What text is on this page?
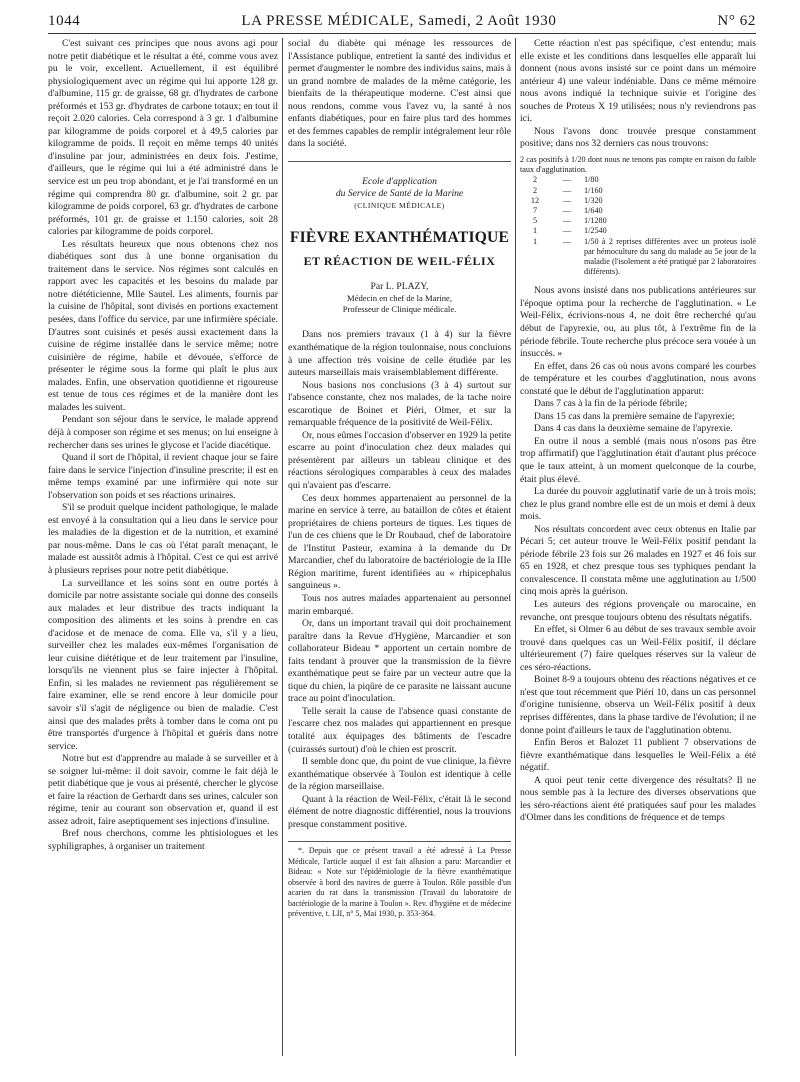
1044	LA PRESSE MÉDICALE, Samedi, 2 Août 1930	N° 62

C'est suivant ces principes que nous avons agi pour notre petit diabétique et le résultat a été, comme vous avez pu le voir, excellent. Actuellement, il est équilibré physiologiquement avec un régime qui lui apporte 128 gr. d'albumine, 115 gr. de graisse, 68 gr. d'hydrates de carbone préformés et 153 gr. d'hydrates de carbone totaux; en tout il reçoit 2.020 calories. Cela correspond à 3 gr. 1 d'albumine par kilogramme de poids corporel et à 49,5 calories par kilogramme de poids. Il reçoit en même temps 40 unités d'insuline par jour, administrées en deux fois. J'estime, d'ailleurs, que le régime qui lui a été administré dans le service est un peu trop abondant, et je l'ai transformé en un régime qui comprendra 80 gr. d'albumine, soit 2 gr. par kilogramme de poids corporel, 63 gr. d'hydrates de carbone préformés, 101 gr. de graisse et 1.150 calories, soit 28 calories par kilogramme de poids corporel.

Les résultats heureux que nous obtenons chez nos diabétiques sont dus à une bonne organisation du traitement dans le service. Nos régimes sont calculés en rapport avec les capacités et les besoins du malade par notre diététicienne, Mlle Sautel. Les aliments, fournis par la cuisine de l'hôpital, sont divisés en portions exactement pesées, dans l'office du service, par une infirmière spéciale. D'autres sont cuisinés et pesés aussi exactement dans la cuisine de régime installée dans le service même; notre cuisinière de régime, habile et dévouée, s'efforce de présenter le régime sous la forme qui plaît le plus aux malades. Enfin, une observation quotidienne et rigoureuse est tenue de tous ces régimes et de la manière dont les malades les suivent.

Pendant son séjour dans le service, le malade apprend déjà à composer son régime et ses menus; on lui enseigne à rechercher dans ses urines le glycose et l'acide diacétique.

Quand il sort de l'hôpital, il revient chaque jour se faire faire dans le service l'injection d'insuline prescrite; il est en même temps examiné par une infirmière qui note sur l'observation son poids et ses réactions urinaires.

S'il se produit quelque incident pathologique, le malade est envoyé à la consultation qui a lieu dans le service pour les maladies de la digestion et de la nutrition, et examiné par nous-même. Dans le cas où l'état paraît menaçant, le malade est aussitôt admis à l'hôpital. C'est ce qui est arrivé à plusieurs reprises pour notre petit diabétique.

La surveillance et les soins sont en outre portés à domicile par notre assistante sociale qui donne des conseils aux malades et leur distribue des tracts indiquant la composition des aliments et les soins à prendre en cas d'acidose et de menace de coma. Elle va, s'il y a lieu, surveiller chez les malades eux-mêmes l'organisation de leur cuisine diététique et de leur traitement par l'insuline, lorsqu'ils ne viennent plus se faire injecter à l'hôpital. Enfin, si les malades ne reviennent pas régulièrement se faire examiner, elle se rend encore à leur domicile pour savoir s'il s'agit de négligence ou bien de maladie. C'est ainsi que des malades prêts à tomber dans le coma ont pu être transportés d'urgence à l'hôpital et guéris dans notre service.

Notre but est d'apprendre au malade à se surveiller et à se soigner lui-même: il doit savoir, comme le fait déjà le petit diabétique que je vous ai présenté, chercher le glycose et faire la réaction de Gerhardt dans ses urines, calculer son régime, tenir au courant son observation et, quand il est assez adroit, faire aseptiquement ses injections d'insuline.

Bref nous cherchons, comme les phtisiologues et les syphiligraphes, à organiser un traitement

social du diabète qui ménage les ressources de l'Assistance publique, entretient la santé des individus et permet d'augmenter le nombre des individus sains, mais à un grand nombre de malades de la même catégorie, les bienfaits de la thérapeutique moderne. C'est ainsi que nous rendons, comme vous l'avez vu, la santé à nos enfants diabétiques, pour en faire plus tard des hommes et des femmes capables de remplir intégralement leur rôle dans la société.

Ecole d'application
du Service de Santé de la Marine
(CLINIQUE MÉDICALE)
FIÈVRE EXANTHÉMATIQUE
ET RÉACTION DE WEIL-FÉLIX
Par L. PLAZY,
Médecin en chef de la Marine,
Professeur de Clinique médicale.

Dans nos premiers travaux (1 à 4) sur la fièvre exanthématique de la région toulonnaise, nous concluions à une affection très voisine de celle étudiée par les auteurs marseillais mais vraisemblablement différente.

Nous basions nos conclusions (3 à 4) surtout sur l'absence constante, chez nos malades, de la tache noire escarotique de Boinet et Piéri, Olmer, et sur la remarquable fréquence de la positivité de Weil-Félix.

Or, nous eûmes l'occasion d'observer en 1929 la petite escarre au point d'inoculation chez deux malades qui présentèrent par ailleurs un tableau clinique et des réactions sérologiques comparables à ceux des malades qui n'avaient pas d'escarre.

Ces deux hommes appartenaient au personnel de la marine en service à terre, au bataillon de côtes et étaient propriétaires de chiens porteurs de tiques. Les tiques de l'un de ces chiens que le Dr Roubaud, chef de laboratoire de l'Institut Pasteur, examina à la demande du Dr Marcandier, chef du laboratoire de bactériologie de la IIIe Région maritime, furent identifiées au « rhipicephalus sanguineus ».

Tous nos autres malades appartenaient au personnel marin embarqué.

Or, dans un important travail qui doit prochainement paraître dans la Revue d'Hygiène, Marcandier et son collaborateur Bideau * apportent un certain nombre de faits tendant à prouver que la transmission de la fièvre exanthématique peut se faire par un vecteur autre que la tique du chien, la piqûre de ce parasite ne laissant aucune trace au point d'inoculation.

Telle serait la cause de l'absence quasi constante de l'escarre chez nos malades qui appartiennent en presque totalité aux équipages des bâtiments de l'escadre (cuirassés surtout) d'où le chien est proscrit.

Il semble donc que, du point de vue clinique, la fièvre exanthématique observée à Toulon est identique à celle de la région marseillaise.

Quant à la réaction de Weil-Félix, c'était là le second élément de notre diagnostic différentiel, nous la trouvions presque constamment positive.

*. Depuis que ce présent travail a été adressé à La Presse Médicale, l'article auquel il est fait allusion a paru: Marcandier et Bideau: « Note sur l'épidémiologie de la fièvre exanthématique observée à bord des navires de guerre à Toulon. Rôle possible d'un acarien du rat dans la transmission (Travail du laboratoire de bactériologie de la marine à Toulon ». Rev. d'hygiène et de médecine préventive, t. LII, n° 5, Mai 1930, p. 353-364.

Cette réaction n'est pas spécifique, c'est entendu; mais elle existe et les conditions dans lesquelles elle apparaît lui donnent (nous avons insisté sur ce point dans un mémoire antérieur 4) une valeur indéniable. Dans ce même mémoire nous avons indiqué la technique suivie et l'origine des souches de Proteus X 19 utilisées; nous n'y reviendrons pas ici.

Nous l'avons donc trouvée presque constamment positive; dans nos 32 derniers cas nous trouvons:

2 cas positifs à 1/20 dont nous ne tenons pas compte en raison du faible taux d'agglutination.
2	—	1/80
2	—	1/160
12	—	1/320
7	—	1/640
5	—	1/1280
1	—	1/2540
1	—	1/50 à 2 reprises différentes avec un proteus isolé par hémoculture du sang du malade au 5e jour de la maladie (l'isolement a été pratiqué par 2 laboratoires différents).

Nous avons insisté dans nos publications antérieures sur l'époque optima pour la recherche de l'agglutination. « Le Weil-Félix, écrivions-nous 4, ne doit être recherché qu'au début de l'apyrexie, ou, au plus tôt, à l'extrême fin de la période fébrile. Toute recherche plus précoce sera vouée à un insuccès. »

En effet, dans 26 cas où nous avons comparé les courbes de température et les courbes d'agglutination, nous avons constaté que le début de l'agglutination apparut:

Dans 7 cas à la fin de la période fébrile;

Dans 15 cas dans la première semaine de l'apyrexie;

Dans 4 cas dans la deuxième semaine de l'apyrexie.

En outre il nous a semblé (mais nous n'osons pas être trop affirmatif) que l'agglutination était d'autant plus précoce que le taux atteint, à un moment quelconque de la courbe, était plus élevé.

La durée du pouvoir agglutinatif varie de un à trois mois; chez le plus grand nombre elle est de un mois et demi à deux mois.

Nos résultats concordent avec ceux obtenus en Italie par Pécari 5; cet auteur trouve le Weil-Félix positif pendant la période fébrile 23 fois sur 26 malades en 1927 et 46 fois sur 65 en 1928, et chez presque tous ses typhiques pendant la convalescence. Il constata même une agglutination au 1/500 cinq mois après la guérison.

Les auteurs des régions provençale ou marocaine, en revanche, ont presque toujours obtenu des résultats négatifs.

En effet, si Olmer 6 au début de ses travaux semble avoir trouvé dans quelques cas un Weil-Félix positif, il déclare ultérieurement (7) faire quelques réserves sur la valeur de ces séro-réactions.

Boinet 8-9 a toujours obtenu des réactions négatives et ce n'est que tout récemment que Piéri 10, dans un cas personnel d'origine tunisienne, observa un Weil-Félix positif à deux reprises différentes, dans la phase tardive de l'évolution; il ne donne point d'ailleurs le taux de l'agglutination obtenu.

Enfin Beros et Balozet 11 publient 7 observations de fièvre exanthématique dans lesquelles le Weil-Félix a été négatif.

A quoi peut tenir cette divergence des résultats? Il ne nous semble pas à la lecture des diverses observations que les séro-réactions aient été pratiquées sauf pour les malades d'Olmer dans les conditions de fréquence et de temps
